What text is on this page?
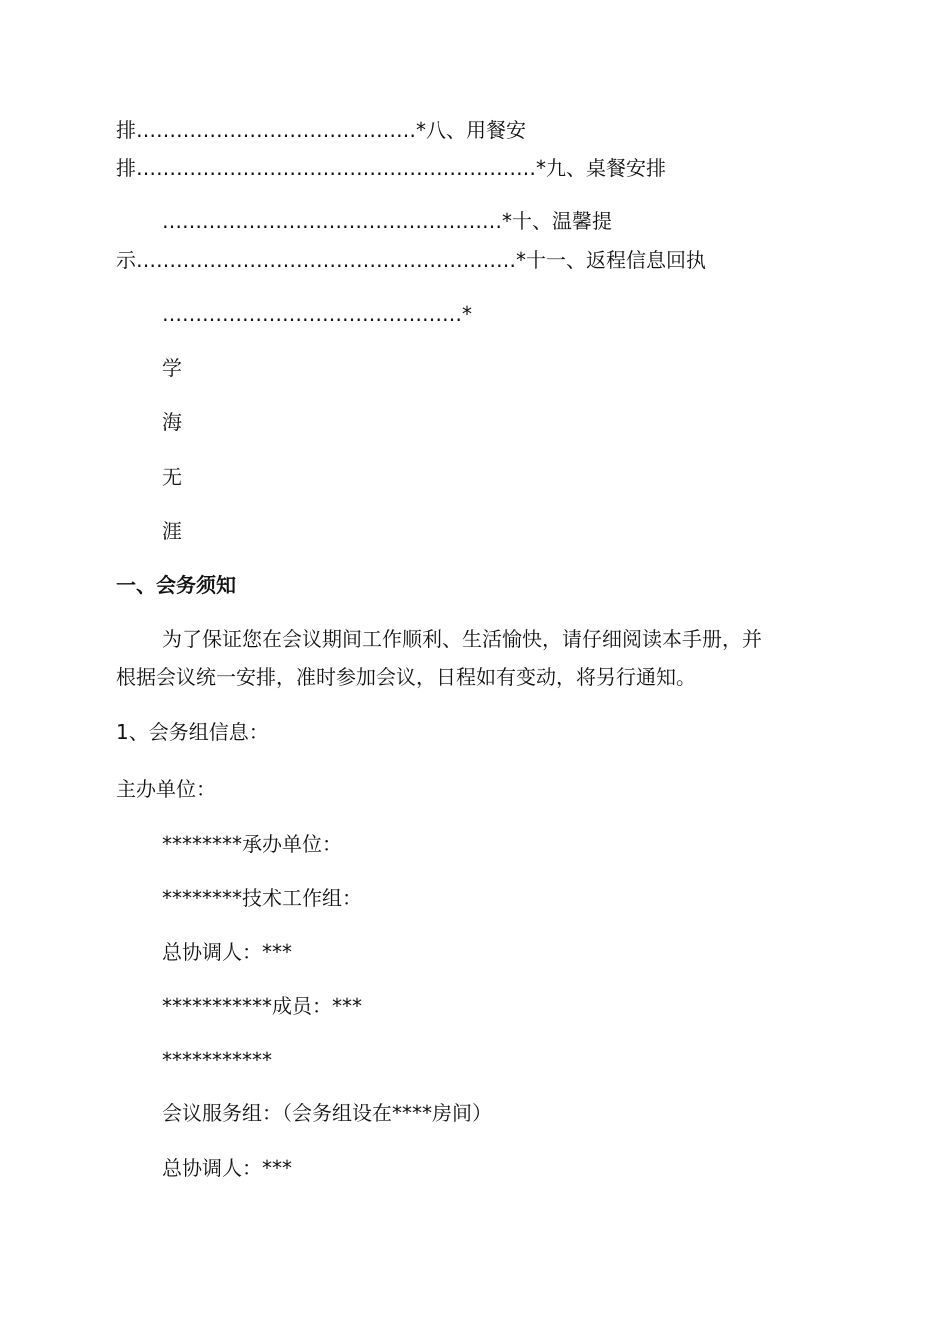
排……………………………………*八、用餐安
排……………………………………………………*九、桌餐安排
……………………………………………*十、温馨提
示…………………………………………………*十一、返程信息回执
………………………………………*
学
海
无
涯
一、会务须知
为了保证您在会议期间工作顺利、生活愉快，请仔细阅读本手册，并
根据会议统一安排，准时参加会议，日程如有变动，将另行通知。
1、会务组信息：
主办单位：
********承办单位：
********技术工作组：
总协调人：***
***********成员：***
***********
会议服务组：（会务组设在****房间）
总协调人：***
